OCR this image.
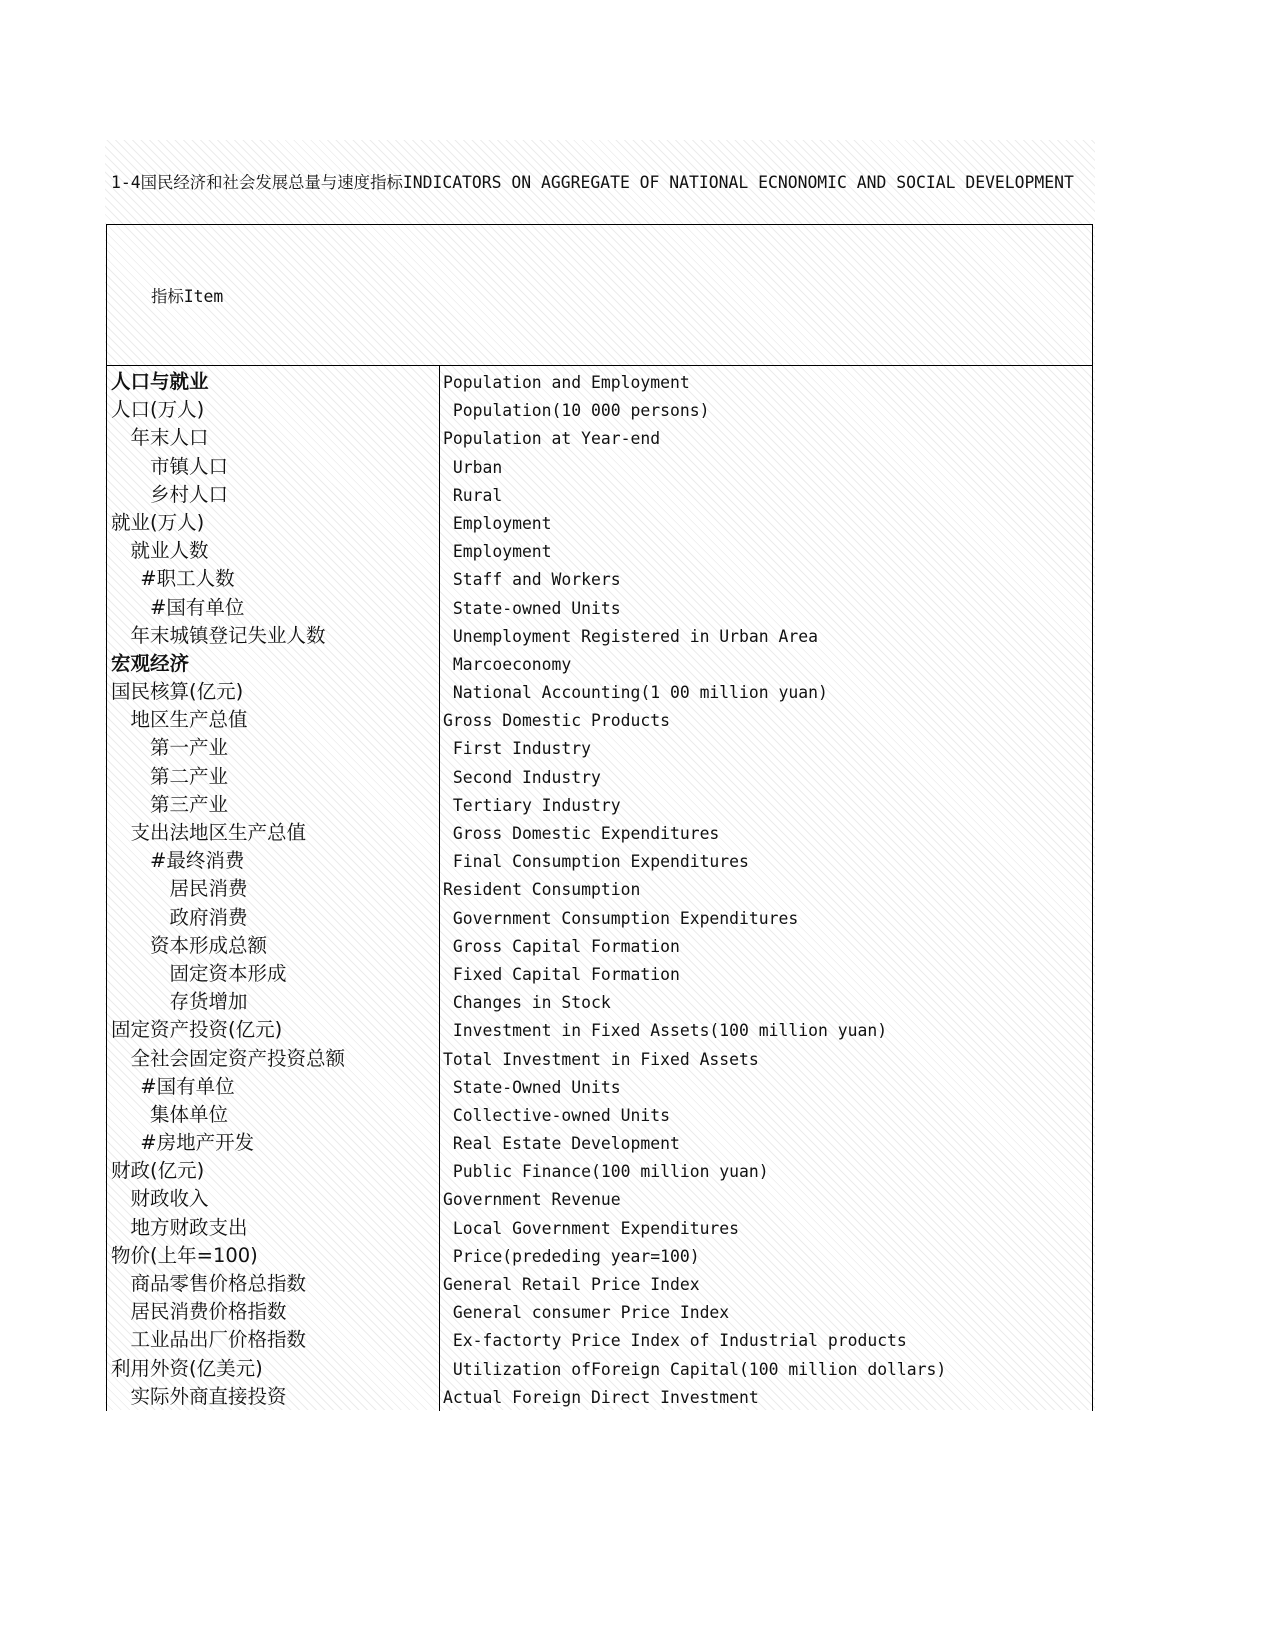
1-4国民经济和社会发展总量与速度指标INDICATORS ON AGGREGATE OF NATIONAL ECNONOMIC AND SOCIAL DEVELOPMENT
指标Item
人口与就业	Population and Employment
人口(万人)	Population(10 000 persons)
　年末人口	Population at Year-end
　　市镇人口	Urban
　　乡村人口	Rural
就业(万人)	Employment
　就业人数	Employment
　 #职工人数	Staff and Workers
　　#国有单位	State-owned Units
　年末城镇登记失业人数	Unemployment Registered in Urban Area
宏观经济	Marcoeconomy
国民核算(亿元)	National Accounting(1 00 million yuan)
　地区生产总值	Gross Domestic Products
　　第一产业	First Industry
　　第二产业	Second Industry
　　第三产业	Tertiary Industry
　支出法地区生产总值	Gross Domestic Expenditures
　　#最终消费	Final Consumption Expenditures
　　　居民消费	Resident Consumption
　　　政府消费	Government Consumption Expenditures
　　资本形成总额	Gross Capital Formation
　　　固定资本形成	Fixed Capital Formation
　　　存货增加	Changes in Stock
固定资产投资(亿元)	Investment in Fixed Assets(100 million yuan)
　全社会固定资产投资总额	Total Investment in Fixed Assets
　 #国有单位	State-Owned Units
　　集体单位	Collective-owned Units
　 #房地产开发	Real Estate Development
财政(亿元)	Public Finance(100 million yuan)
　财政收入	Government Revenue
　地方财政支出	Local Government Expenditures
物价(上年=100)	Price(prededing year=100)
　商品零售价格总指数	General Retail Price Index
　居民消费价格指数	General consumer Price Index
　工业品出厂价格指数	Ex-factorty Price Index of Industrial products
利用外资(亿美元)	Utilization ofForeign Capital(100 million dollars)
　实际外商直接投资	Actual Foreign Direct Investment
